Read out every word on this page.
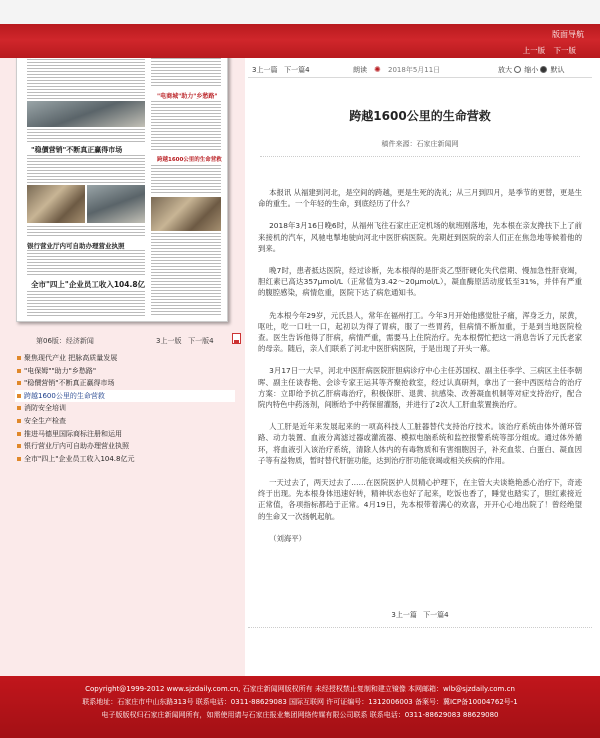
"稳價营销"不断真正赢得市场
银行营业厅内可自助办理营业执照
全市"四上"企业员工收入104.8亿
"电商城"助力"乡愁路"
跨越1600公里的生命营救
第06版：经济新闻	3上一版 下一版4
聚焦现代产业 把脉高质量发展
"电保姆""助力"乡愁路"
"稳價营销"不断真正赢得市场
跨越1600公里的生命营救
消防安全培训
安全生产检查
推进马德里国际商标注册和运用
银行营业厅内可自助办理营业执照
全市"四上"企业员工收入104.8亿元
版面导航
上一版 下一版
3上一篇 下一篇4	朗读 ✺ 2018年5月11日	放大 缩小 默认
跨越1600公里的生命营救
稿件来源：石家庄新闻网

本报讯 从福建到河北，是空间的跨越，更是生死的洗礼；从三月到四月，是季节的更替，更是生命的重生。一个年轻的生命，到底经历了什么？

2018年3月16日晚6时，从福州飞往石家庄正定机场的航班刚落地，先本根在亲友搀扶下上了前来接机的汽车，风驰电掣地驶向河北中医肝病医院。先期赶到医院的亲人们正在焦急地等候着他的到来。

晚7时，患者抵达医院，经过诊断，先本根得的是肝炎乙型肝硬化失代偿期、慢加急性肝衰竭，胆红素已高达357μmol/L（正常值为3.42～20μmol/L），凝血酶原活动度低至31%，并伴有严重的腹腔感染，病情危重，医院下达了病危通知书。

先本根今年29岁，元氏县人，常年在福州打工。今年3月开始他感觉肚子痛，浑身乏力，尿黄，呕吐，吃一口吐一口，起初以为得了胃病，服了一些胃药，但病情不断加重，于是到当地医院检查。医生告诉他得了肝病，病情严重，需要马上住院治疗。先本根愣忙把这一消息告诉了元氏老家的母亲。随后，亲人们联系了河北中医肝病医院，于是出现了开头一幕。

3月17日一大早，河北中医肝病医院肝胆病诊疗中心主任苏国权、副主任李学、三病区主任李朝晖、副主任谈春艳、会诊专家王运其等齐聚抢救室，经过认真研判，拿出了一套中西医结合的治疗方案：立即给予抗乙肝病毒治疗，积极保肝、退黄、抗感染、改善凝血机制等对症支持治疗，配合院内特色中药汤剂，间断给予中药保留灌肠，并进行了2次人工肝血浆置换治疗。

人工肝是近年来发展起来的一项高科技人工脏器替代支持治疗技术。该治疗系统由体外循环管路、动力装置、血液分离滤过器或灌流器、模拟电脑系统和监控报警系统等部分组成。通过体外循环，将血液引入该治疗系统，清除人体内的有毒物质和有害细胞因子，补充血浆、白蛋白、凝血因子等有益物质，暂时替代肝脏功能，达到治疗肝功能衰竭或相关疾病的作用。

一天过去了，两天过去了……在医院医护人员精心护理下，在主管大夫谈艳艳悉心治疗下，奇迹终于出现。先本根身体迅速好转，精神状态也好了起来，吃饭也香了，睡觉也踏实了，胆红素接近正常值，各项指标都趋于正常。4月19日，先本根带着满心的欢喜，开开心心地出院了！曾经绝望的生命又一次扬帆起航。

（刘海平）

3上一篇 下一篇4
Copyright@1999-2012 www.sjzdaily.com.cn, 石家庄新闻网版权所有 未经授权禁止复制和建立镜像 本网邮箱：wlb@sjzdaily.com.cn
联系地址：石家庄市中山东路313号 联系电话：0311-88629083 国际互联网 许可证编号：1312006003 备案号：冀ICP备10004762号-1
电子版版权归石家庄新闻网所有，如需使用请与石家庄报业集团网络传媒有限公司联系 联系电话：0311-88629083 88629080
